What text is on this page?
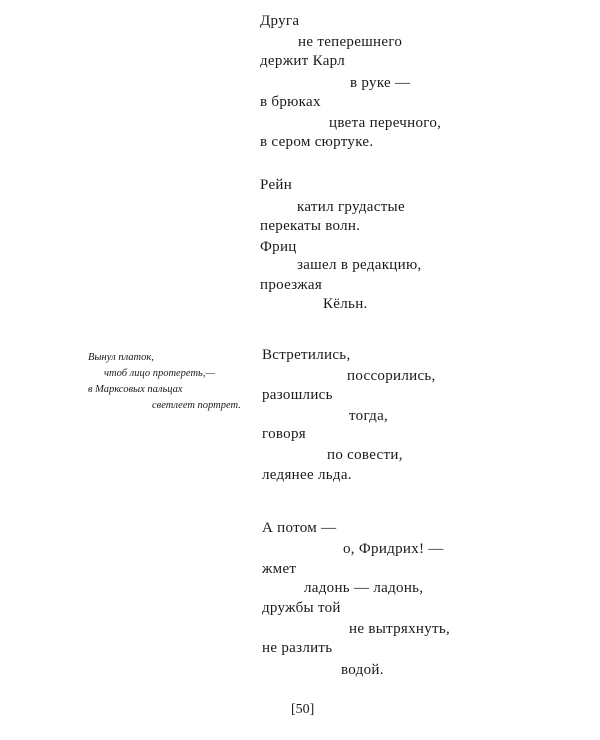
Друга
не теперешнего
держит Карл
в руке —
в брюках
цвета перечного,
в сером сюртуке.
Рейн
катил грудастые
перекаты волн.
Фриц
зашел в редакцию,
проезжая
Кёльн.
Вынул платок,
чтоб лицо протереть,—
в Марксовых пальцах
светлеет портрет.
Встретились,
поссорились,
разошлись
тогда,
говоря
по совести,
ледянее льда.
А потом —
о, Фридрих! —
жмет
ладонь — ладонь,
дружбы той
не вытряхнуть,
не разлить
водой.
[50]
